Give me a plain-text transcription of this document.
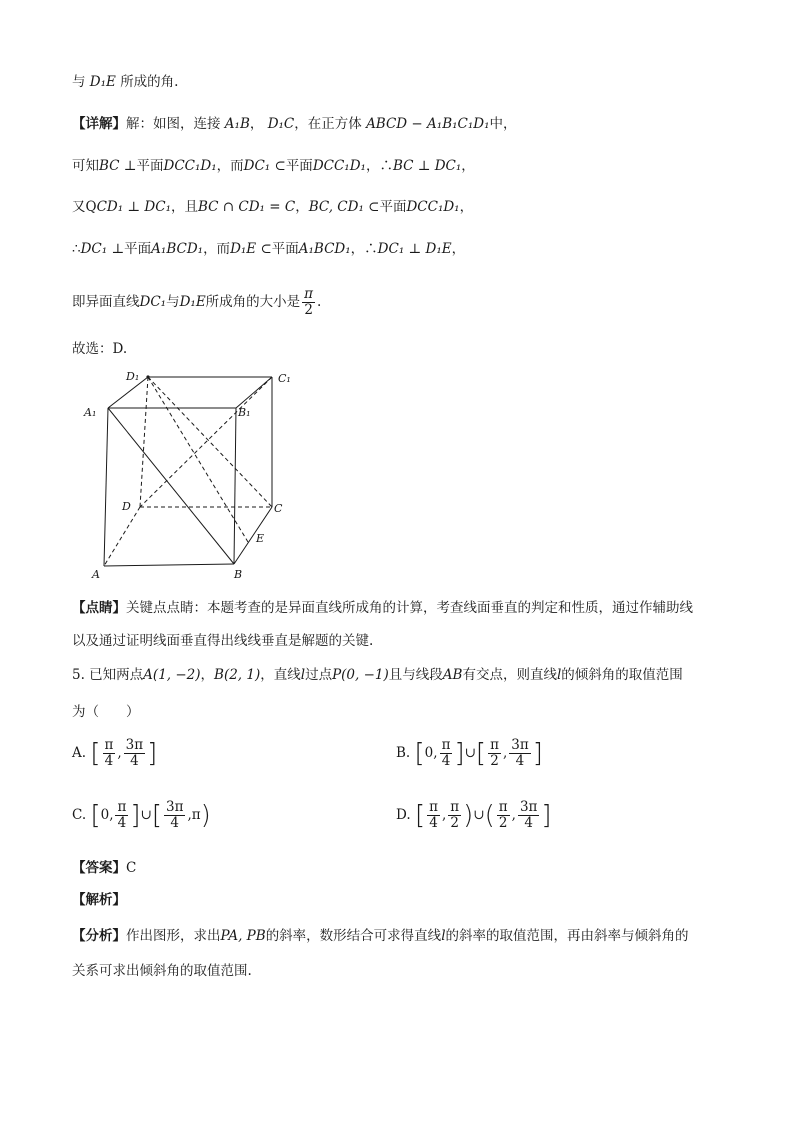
与 D₁E 所成的角.
【详解】解：如图，连接 A₁B， D₁C，在正方体 ABCD − A₁B₁C₁D₁中，
可知BC ⊥平面DCC₁D₁，而DC₁ ⊂平面DCC₁D₁，∴BC ⊥ DC₁，
又QCD₁ ⊥ DC₁，且BC ∩ CD₁ = C，BC, CD₁ ⊂平面DCC₁D₁，
∴DC₁ ⊥平面A₁BCD₁，而D₁E ⊂平面A₁BCD₁，∴DC₁ ⊥ D₁E，
即异面直线DC₁与D₁E所成角的大小是 $\frac{\pi}{2}$ .
故选：D.
D₁	C₁
A₁	B₁
D	C
E
A	B
【点睛】关键点点睛：本题考查的是异面直线所成角的计算，考查线面垂直的判定和性质，通过作辅助线
以及通过证明线面垂直得出线线垂直是解题的关键.
5. 已知两点A(1, −2)，B(2, 1)，直线l过点P(0, −1)且与线段AB有交点，则直线l的倾斜角的取值范围
为（　　）
A. [ $\frac{\pi}{4}$ , $\frac{3\pi}{4}$ ]	B. [0, $\frac{\pi}{4}$ ]∪[ $\frac{\pi}{2}$ , $\frac{3\pi}{4}$ ]
C. [0, $\frac{\pi}{4}$ ]∪[ $\frac{3\pi}{4} ,\pi$)	D. [ $\frac{\pi}{4}$ , $\frac{\pi}{2}$ )∪( $\frac{\pi}{2}$ , $\frac{3\pi}{4}$ ]
【答案】C
【解析】
【分析】作出图形，求出PA, PB的斜率，数形结合可求得直线l的斜率的取值范围，再由斜率与倾斜角的
关系可求出倾斜角的取值范围.
